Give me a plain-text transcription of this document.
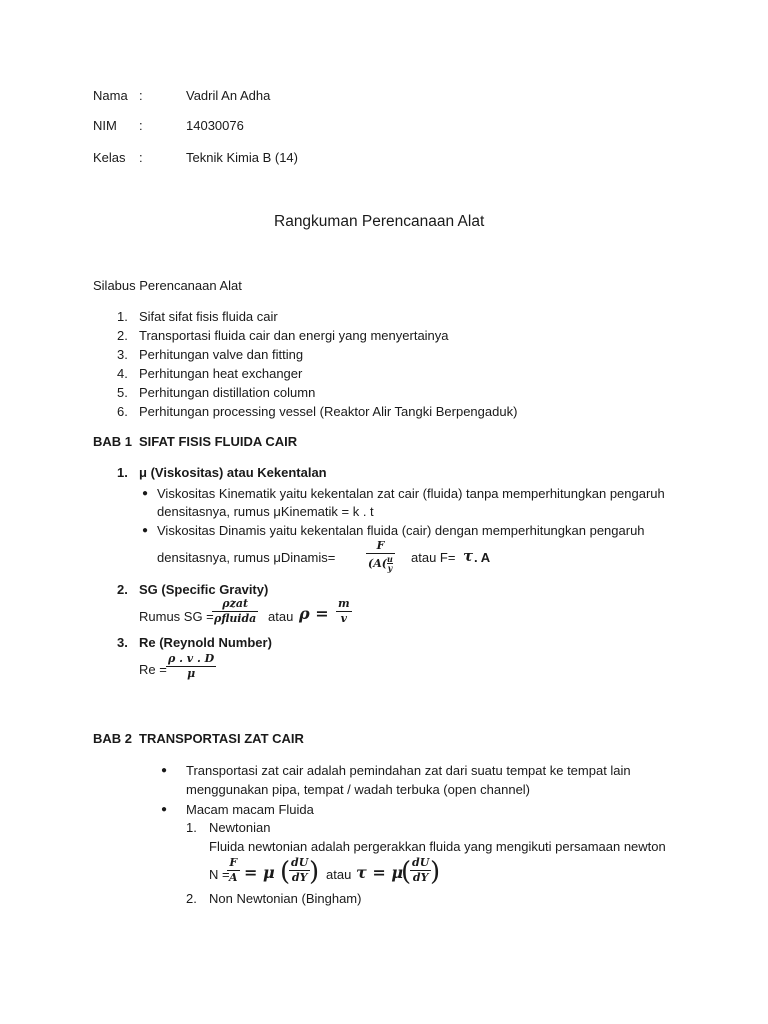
Nama :	Vadril An Adha
NIM :	14030076
Kelas :	Teknik Kimia B (14)
Rangkuman Perencanaan Alat
Silabus Perencanaan Alat
1. Sifat sifat fisis fluida cair
2. Transportasi fluida cair dan energi yang menyertainya
3. Perhitungan valve dan fitting
4. Perhitungan heat exchanger
5. Perhitungan distillation column
6. Perhitungan processing vessel (Reaktor Alir Tangki Berpengaduk)
BAB 1 SIFAT FISIS FLUIDA CAIR
1. μ (Viskositas) atau Kekentalan
● Viskositas Kinematik yaitu kekentalan zat cair (fluida) tanpa memperhitungkan pengaruh
densitasnya, rumus μKinematik = k . t
● Viskositas Dinamis yaitu kekentalan fluida (cair) dengan memperhitungkan pengaruh
densitasnya, rumus μDinamis=
F
(A( u
y
atau F= τ . A
2. SG (Specific Gravity)
Rumus SG =
ρzat
ρfluida atau ρ =
m
v
3. Re (Reynold Number)
Re =
ρ . v . D
μ
BAB 2 TRANSPORTASI ZAT CAIR
● Transportasi zat cair adalah pemindahan zat dari suatu tempat ke tempat lain
menggunakan pipa, tempat / wadah terbuka (open channel)
● Macam macam Fluida
1. Newtonian
Fluida newtonian adalah pergerakkan fluida yang mengikuti persamaan newton
N =
F
A = μ ( dU
dY ) atau τ = μ
( dU
dY )
2. Non Newtonian (Bingham)
